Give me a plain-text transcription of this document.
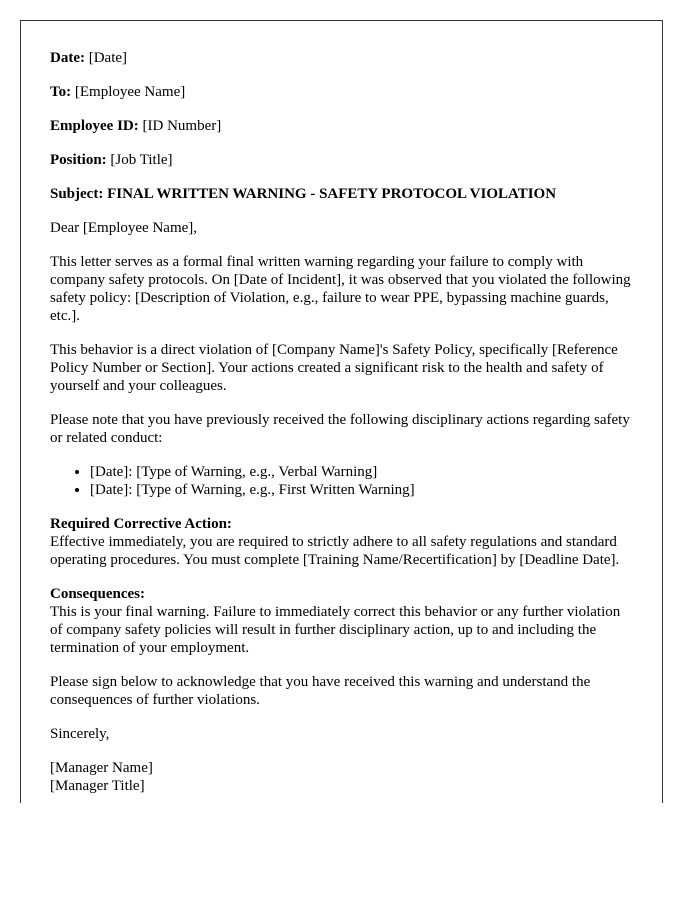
Date: [Date]

To: [Employee Name]

Employee ID: [ID Number]

Position: [Job Title]

Subject: FINAL WRITTEN WARNING - SAFETY PROTOCOL VIOLATION

Dear [Employee Name],

This letter serves as a formal final written warning regarding your failure to comply with company safety protocols. On [Date of Incident], it was observed that you violated the following safety policy: [Description of Violation, e.g., failure to wear PPE, bypassing machine guards, etc.].

This behavior is a direct violation of [Company Name]'s Safety Policy, specifically [Reference Policy Number or Section]. Your actions created a significant risk to the health and safety of yourself and your colleagues.

Please note that you have previously received the following disciplinary actions regarding safety or related conduct:

• [Date]: [Type of Warning, e.g., Verbal Warning]
• [Date]: [Type of Warning, e.g., First Written Warning]

Required Corrective Action:
Effective immediately, you are required to strictly adhere to all safety regulations and standard operating procedures. You must complete [Training Name/Recertification] by [Deadline Date].

Consequences:
This is your final warning. Failure to immediately correct this behavior or any further violation of company safety policies will result in further disciplinary action, up to and including the termination of your employment.

Please sign below to acknowledge that you have received this warning and understand the consequences of further violations.

Sincerely,

[Manager Name]
[Manager Title]
